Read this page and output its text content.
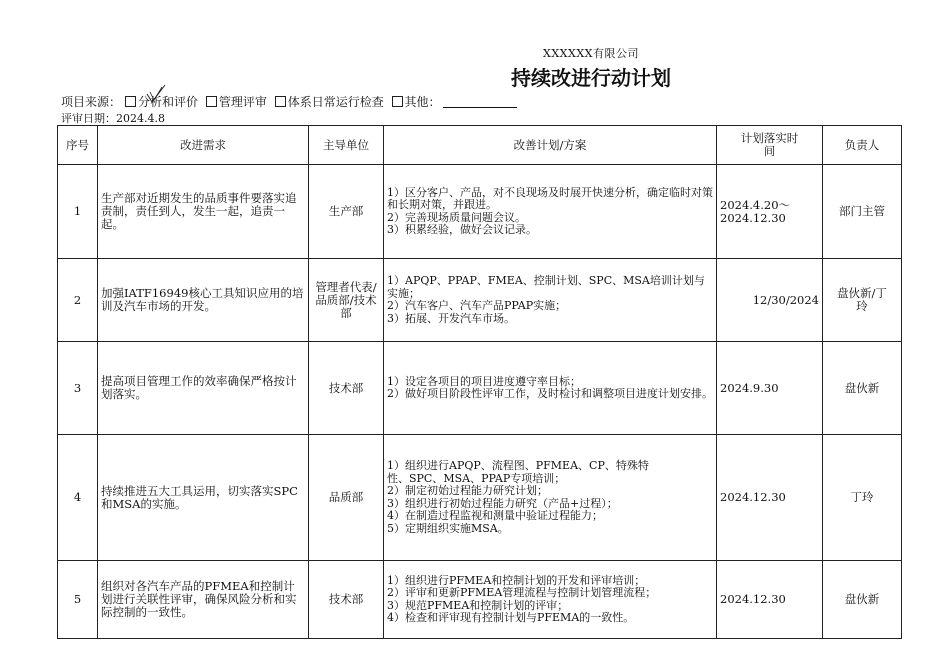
XXXXXX有限公司
持续改进行动计划
项目来源： 分析和评价 管理评审 体系日常运行检查 其他：
评审日期：2024.4.8
序号	改进需求	主导单位	改善计划/方案	计划落实时间	负责人
1	生产部对近期发生的品质事件要落实追责制，责任到人，发生一起，追责一起。	生产部	1）区分客户、产品，对不良现场及时展开快速分析，确定临时对策和长期对策，并跟进。
2）完善现场质量问题会议。
3）积累经验，做好会议记录。	2024.4.20～2024.12.30	部门主管
2	加强IATF16949核心工具知识应用的培训及汽车市场的开发。	管理者代表/品质部/技术部	1）APQP、PPAP、FMEA、控制计划、SPC、MSA培训计划与实施；
2）汽车客户、汽车产品PPAP实施；
3）拓展、开发汽车市场。	12/30/2024	盘伙新/丁玲
3	提高项目管理工作的效率确保严格按计划落实。	技术部	1）设定各项目的项目进度遵守率目标；
2）做好项目阶段性评审工作，及时检讨和调整项目进度计划安排。	2024.9.30	盘伙新
4	持续推进五大工具运用，切实落实SPC和MSA的实施。	品质部	1）组织进行APQP、流程图、PFMEA、CP、特殊特性、SPC、MSA、PPAP专项培训；
2）制定初始过程能力研究计划；
3）组织进行初始过程能力研究（产品+过程）；
4）在制造过程监视和测量中验证过程能力；
5）定期组织实施MSA。	2024.12.30	丁玲
5	组织对各汽车产品的PFMEA和控制计划进行关联性评审，确保风险分析和实际控制的一致性。	技术部	1）组织进行PFMEA和控制计划的开发和评审培训；
2）评审和更新PFMEA管理流程与控制计划管理流程；
3）规范PFMEA和控制计划的评审；
4）检查和评审现有控制计划与PFEMA的一致性。	2024.12.30	盘伙新
